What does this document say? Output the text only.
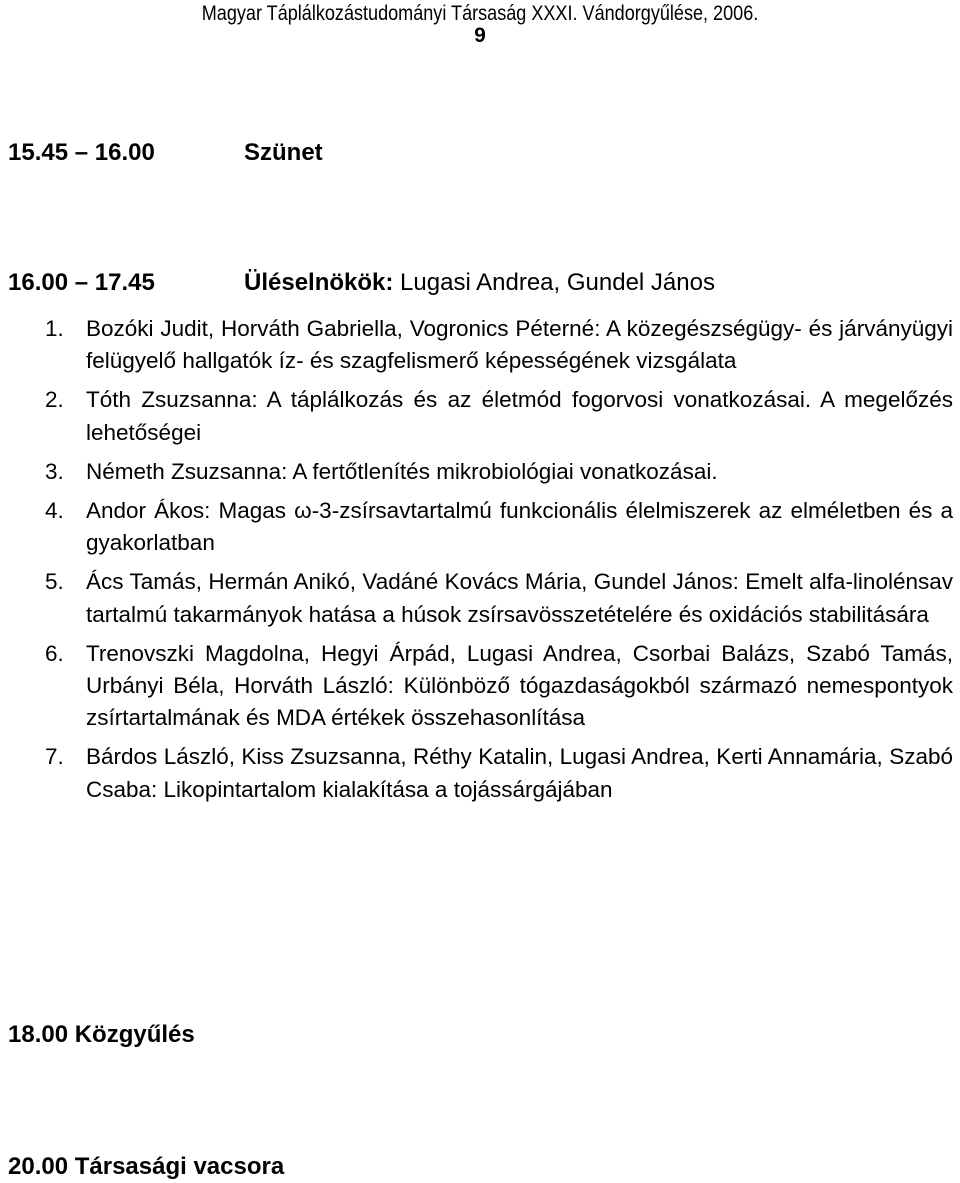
Magyar Táplálkozástudományi Társaság XXXI. Vándorgyűlése, 2006.
9
15.45 – 16.00	Szünet
16.00 – 17.45	Üléselnökök: Lugasi Andrea, Gundel János
1. Bozóki Judit, Horváth Gabriella, Vogronics Péterné: A közegészségügy- és járványügyi felügyelő hallgatók íz- és szagfelismerő képességének vizsgálata
2. Tóth Zsuzsanna: A táplálkozás és az életmód fogorvosi vonatkozásai. A megelőzés lehetőségei
3. Németh Zsuzsanna: A fertőtlenítés mikrobiológiai vonatkozásai.
4. Andor Ákos: Magas ω-3-zsírsavtartalmú funkcionális élelmiszerek az elméletben és a gyakorlatban
5. Ács Tamás, Hermán Anikó, Vadáné Kovács Mária, Gundel János: Emelt alfa-linolénsav tartalmú takarmányok hatása a húsok zsírsavösszetételére és oxidációs stabilitására
6. Trenovszki Magdolna, Hegyi Árpád, Lugasi Andrea, Csorbai Balázs, Szabó Tamás, Urbányi Béla, Horváth László: Különböző tógazdaságokból származó nemespontyok zsírtartalmának és MDA értékek összehasonlítása
7. Bárdos László, Kiss Zsuzsanna, Réthy Katalin, Lugasi Andrea, Kerti Annamária, Szabó Csaba: Likopintartalom kialakítása a tojássárgájában
18.00 Közgyűlés
20.00 Társasági vacsora
